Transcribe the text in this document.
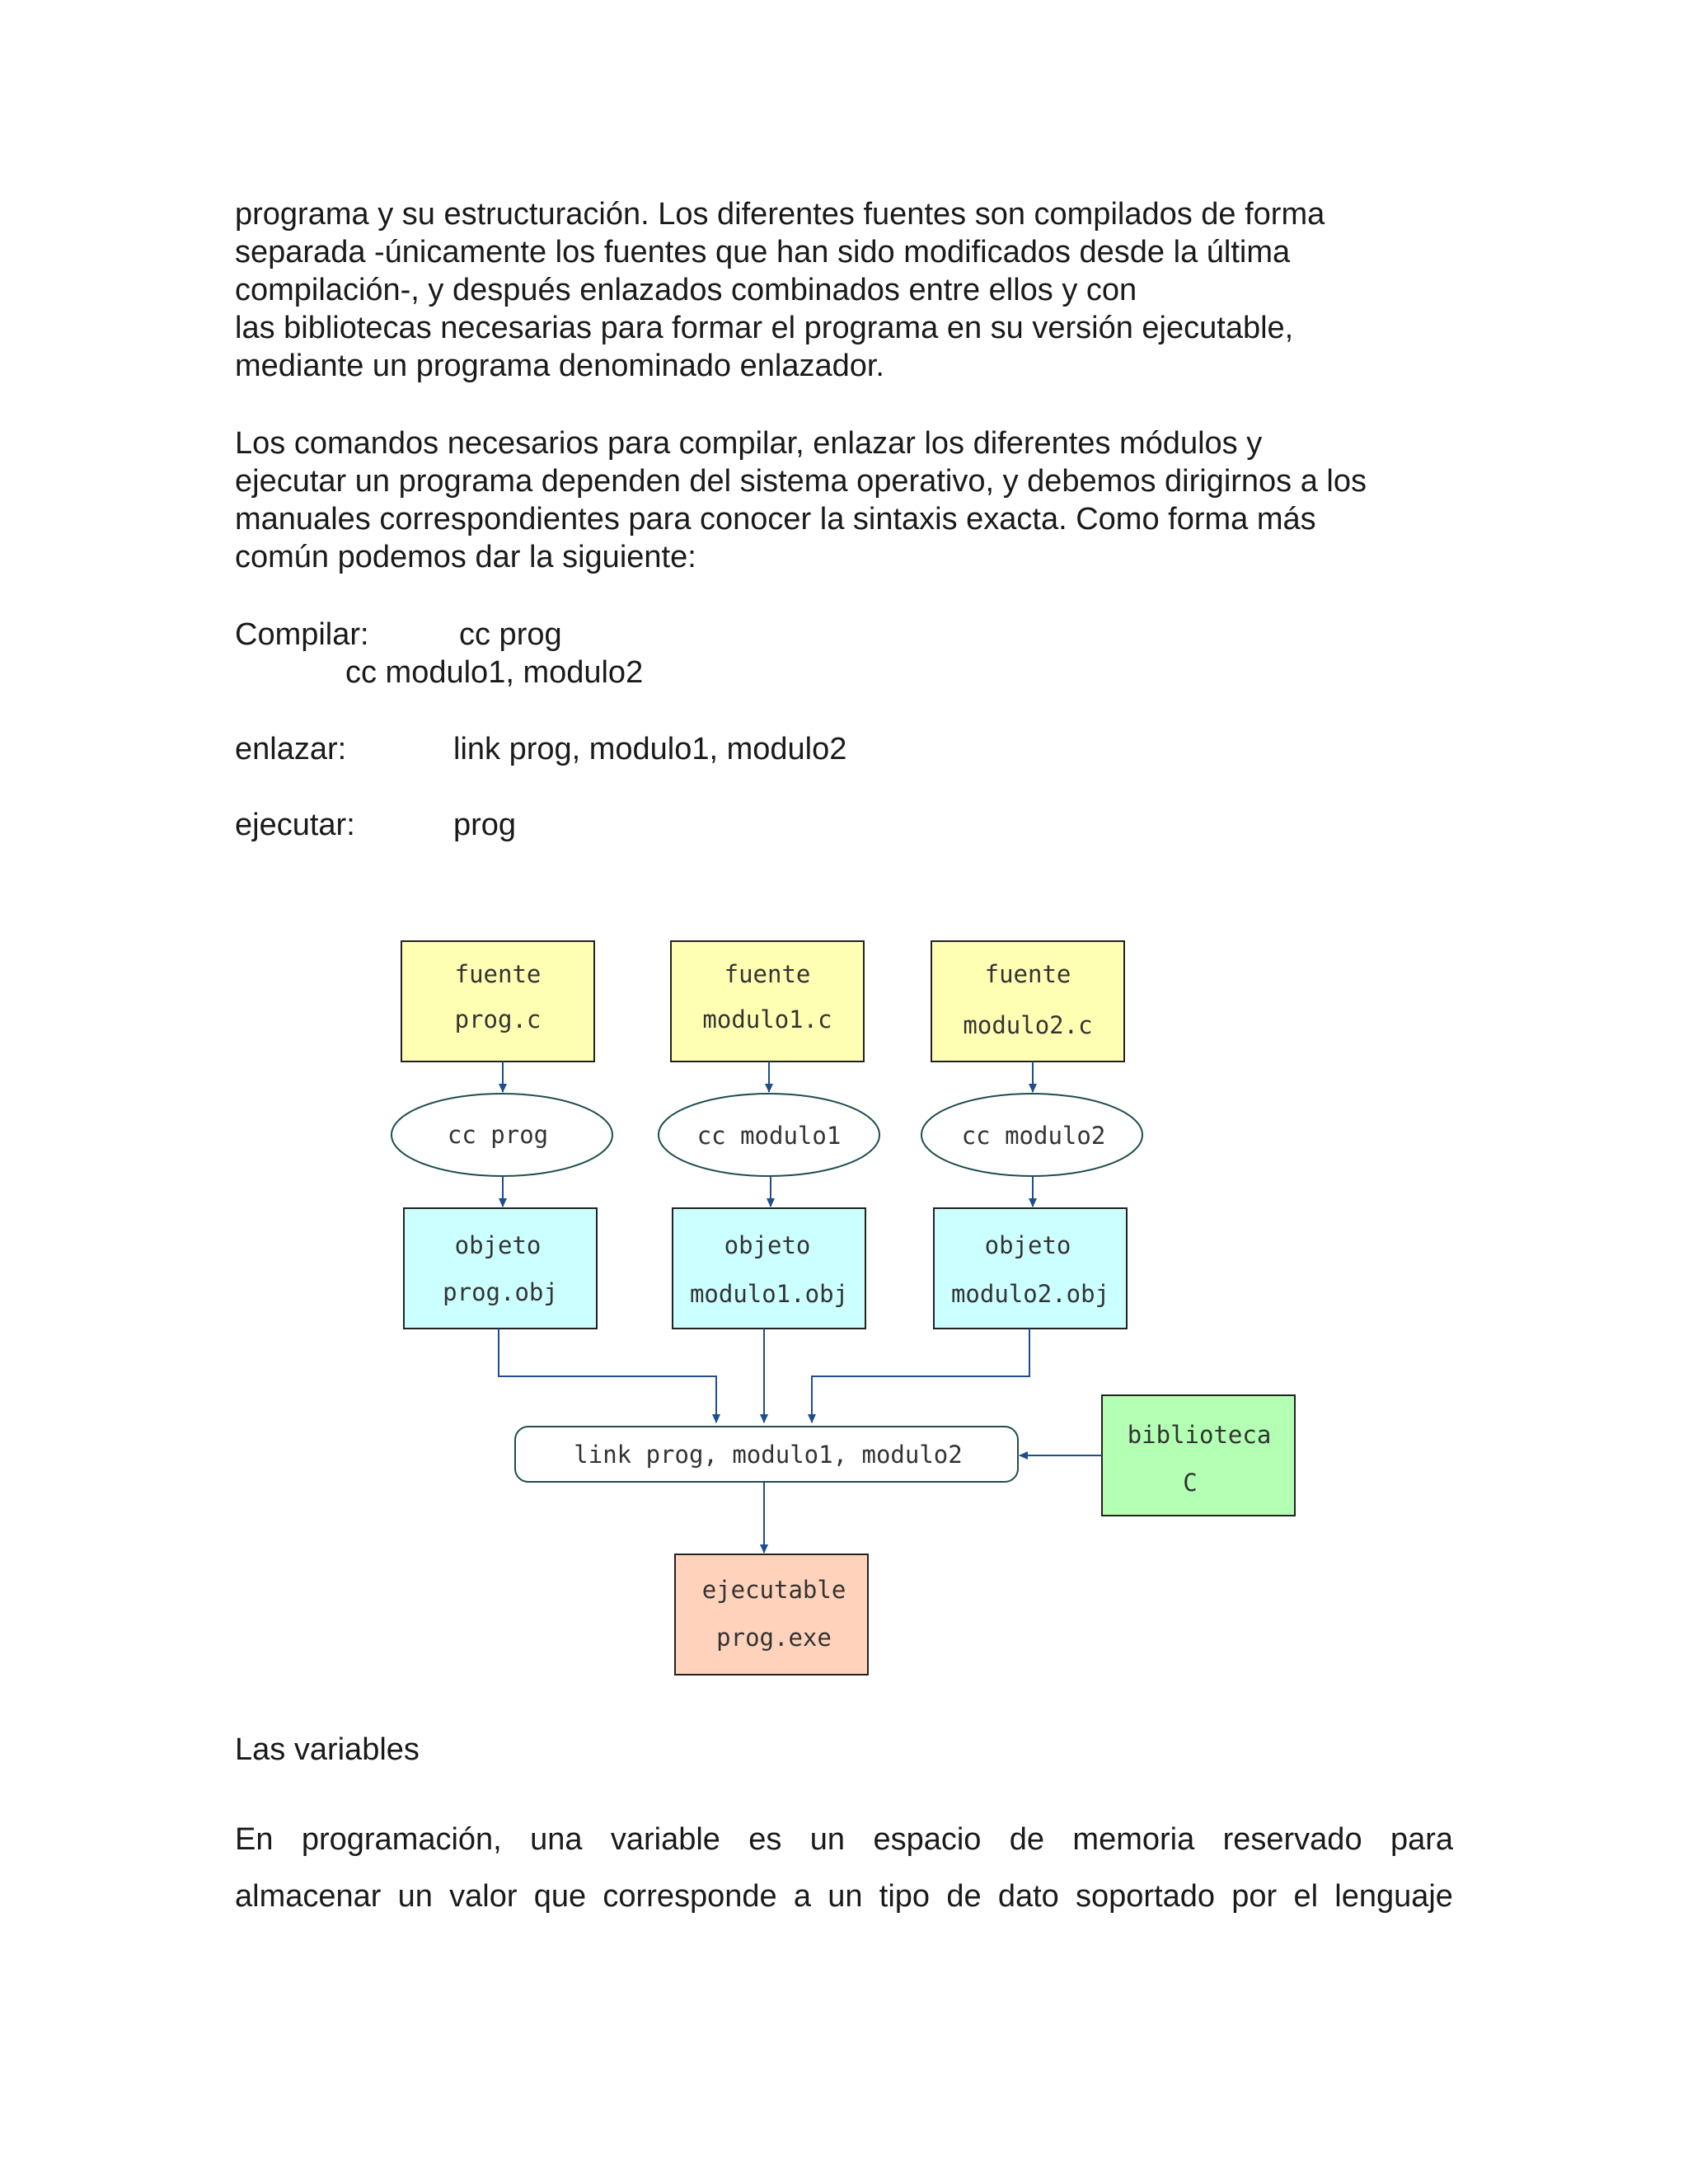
programa y su estructuración. Los diferentes fuentes son compilados de forma
separada -únicamente los fuentes que han sido modificados desde la última
compilación-, y después enlazados combinados entre ellos y con
las bibliotecas necesarias para formar el programa en su versión ejecutable,
mediante un programa denominado enlazador.
Los comandos necesarios para compilar, enlazar los diferentes módulos y
ejecutar un programa dependen del sistema operativo, y debemos dirigirnos a los
manuales correspondientes para conocer la sintaxis exacta. Como forma más
común podemos dar la siguiente:
Compilar:	cc prog
cc modulo1, modulo2
enlazar:	link prog, modulo1, modulo2
ejecutar:	prog
fuente
prog.c
fuente
modulo1.c
fuente
modulo2.c
cc prog	cc modulo1	cc modulo2
objeto
prog.obj
objeto
modulo1.obj
objeto
modulo2.obj
link prog, modulo1, modulo2
biblioteca
C
ejecutable
prog.exe
Las variables
En programación, una variable es un espacio de memoria reservado para
almacenar un valor que corresponde a un tipo de dato soportado por el lenguaje
